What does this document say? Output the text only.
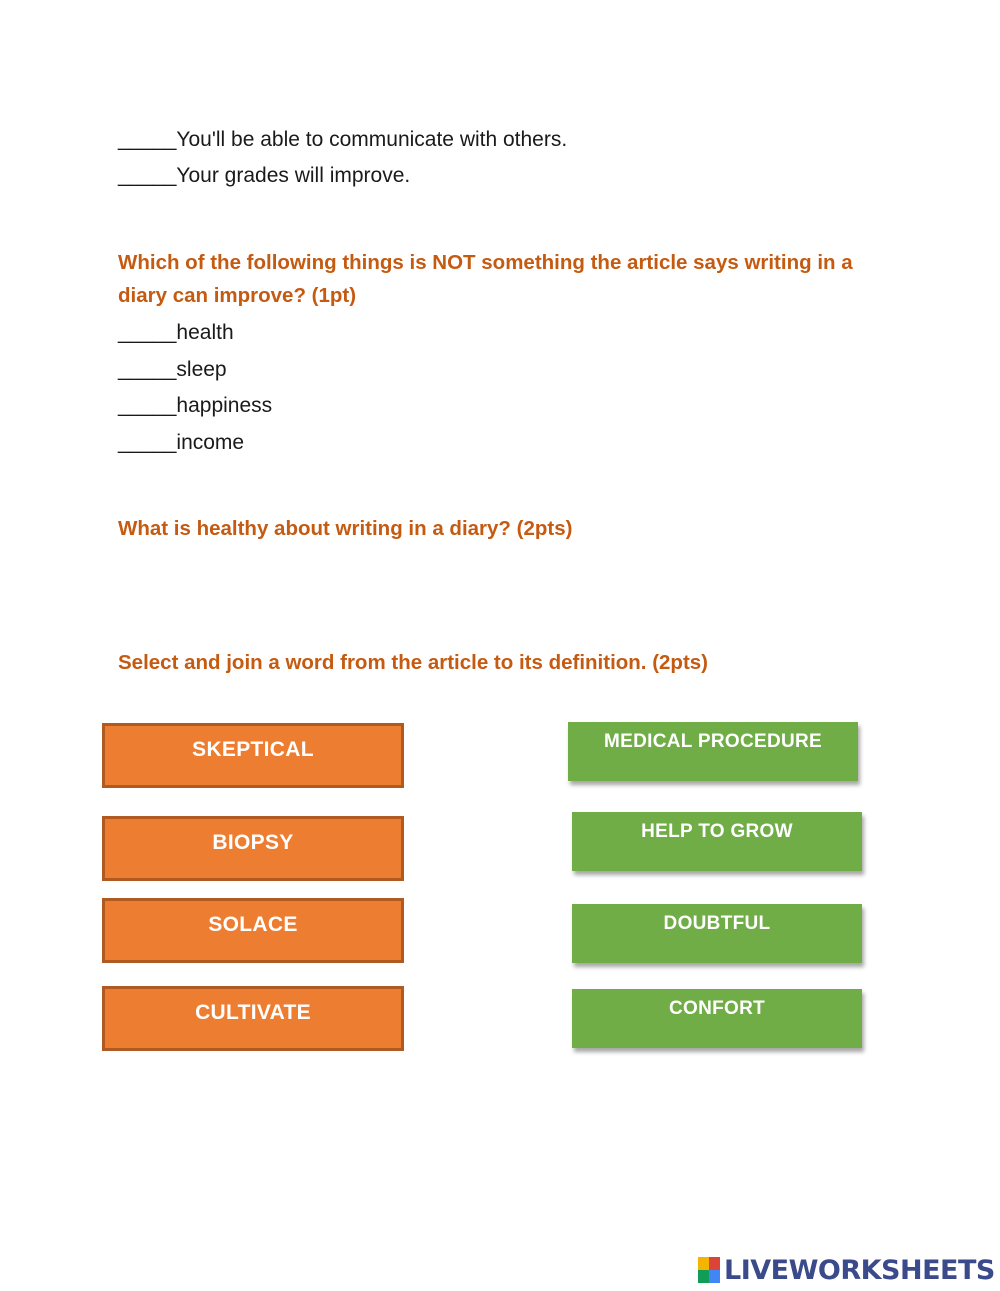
_____You'll be able to communicate with others.
_____Your grades will improve.
Which of the following things is NOT something the article says writing in a diary can improve? (1pt)
_____health
_____sleep
_____happiness
_____income
What is healthy about writing in a diary? (2pts)
Select and join a word from the article to its definition. (2pts)
SKEPTICAL
BIOPSY
SOLACE
CULTIVATE
MEDICAL PROCEDURE
HELP TO GROW
DOUBTFUL
CONFORT
LIVEWORKSHEETS
